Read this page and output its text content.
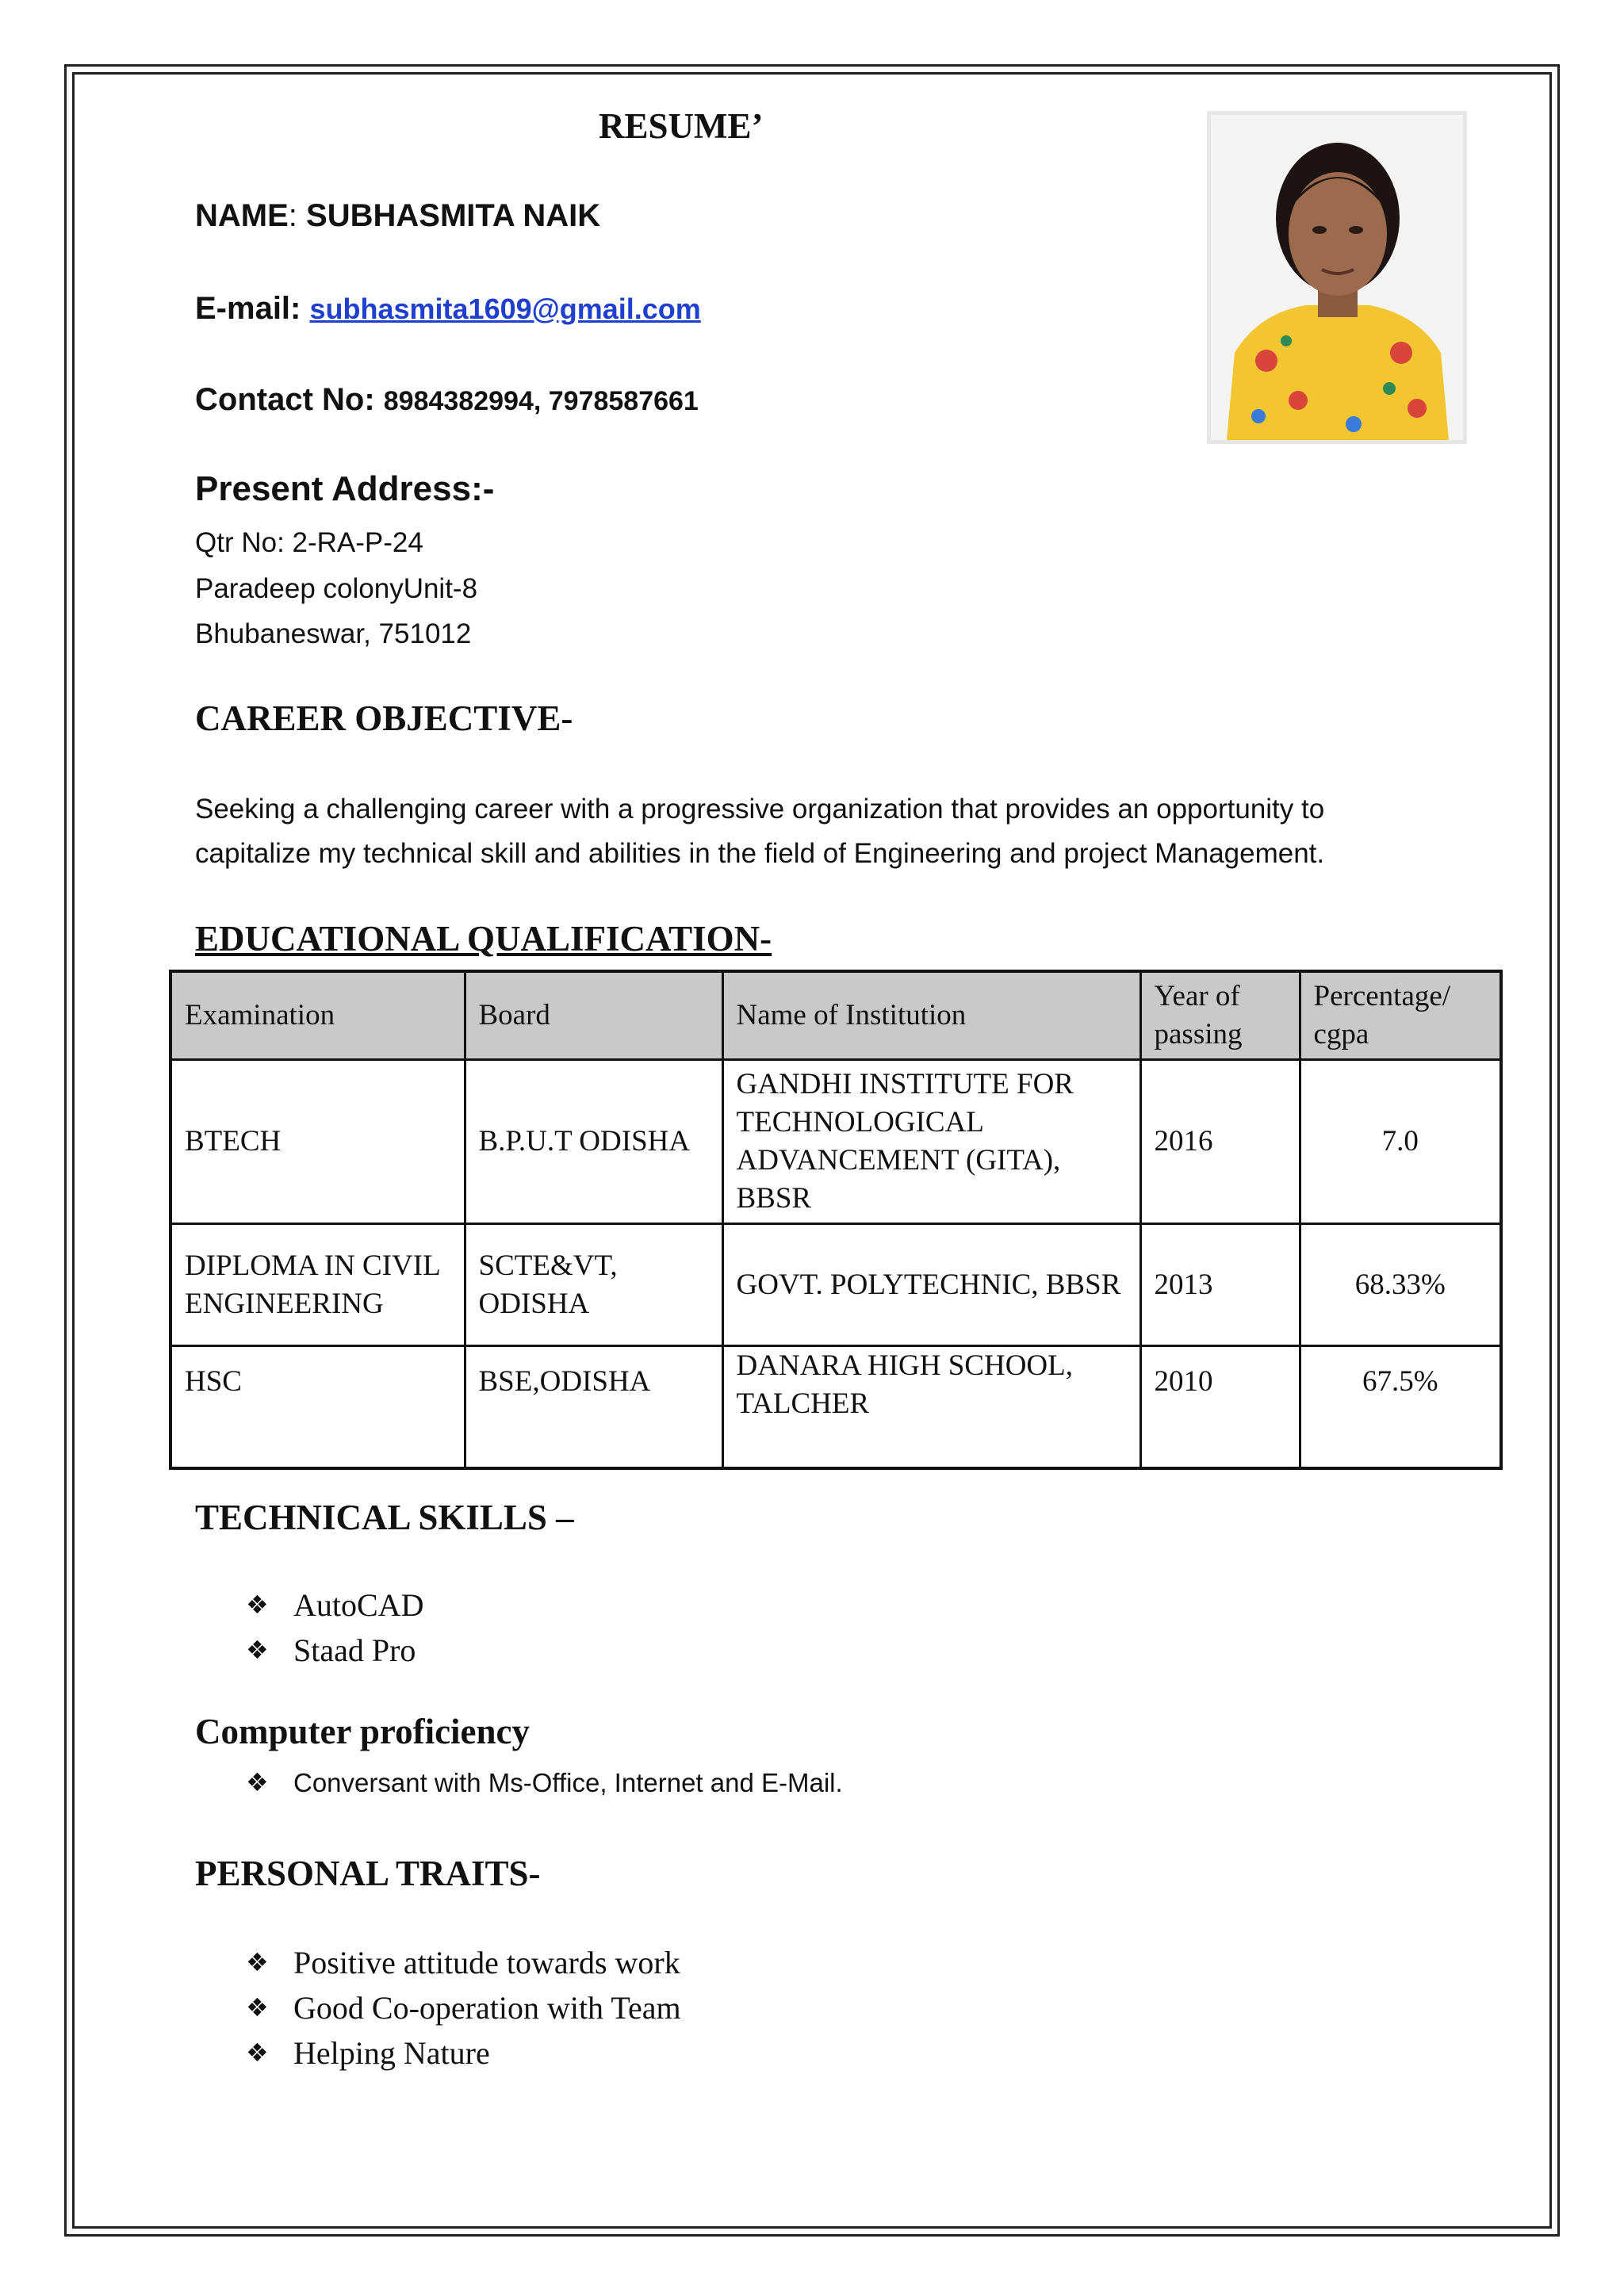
RESUME’
NAME: SUBHASMITA NAIK
E-mail: subhasmita1609@gmail.com
Contact No: 8984382994, 7978587661
Present Address:-
Qtr No: 2-RA-P-24
Paradeep colonyUnit-8
Bhubaneswar, 751012
CAREER OBJECTIVE-
Seeking a challenging career with a progressive organization that provides an opportunity to capitalize my technical skill and abilities in the field of Engineering and project Management.
EDUCATIONAL QUALIFICATION-
Examination	Board	Name of Institution	Year of passing	Percentage/ cgpa
BTECH	B.P.U.T ODISHA	GANDHI INSTITUTE FOR TECHNOLOGICAL ADVANCEMENT (GITA), BBSR	2016	7.0
DIPLOMA IN CIVIL ENGINEERING	SCTE&VT, ODISHA	GOVT. POLYTECHNIC, BBSR	2013	68.33%
HSC	BSE,ODISHA	DANARA HIGH SCHOOL, TALCHER	2010	67.5%
TECHNICAL SKILLS –
❖ AutoCAD
❖ Staad Pro
Computer proficiency
❖ Conversant with Ms-Office, Internet and E-Mail.
PERSONAL TRAITS-
❖ Positive attitude towards work
❖ Good Co-operation with Team
❖ Helping Nature
